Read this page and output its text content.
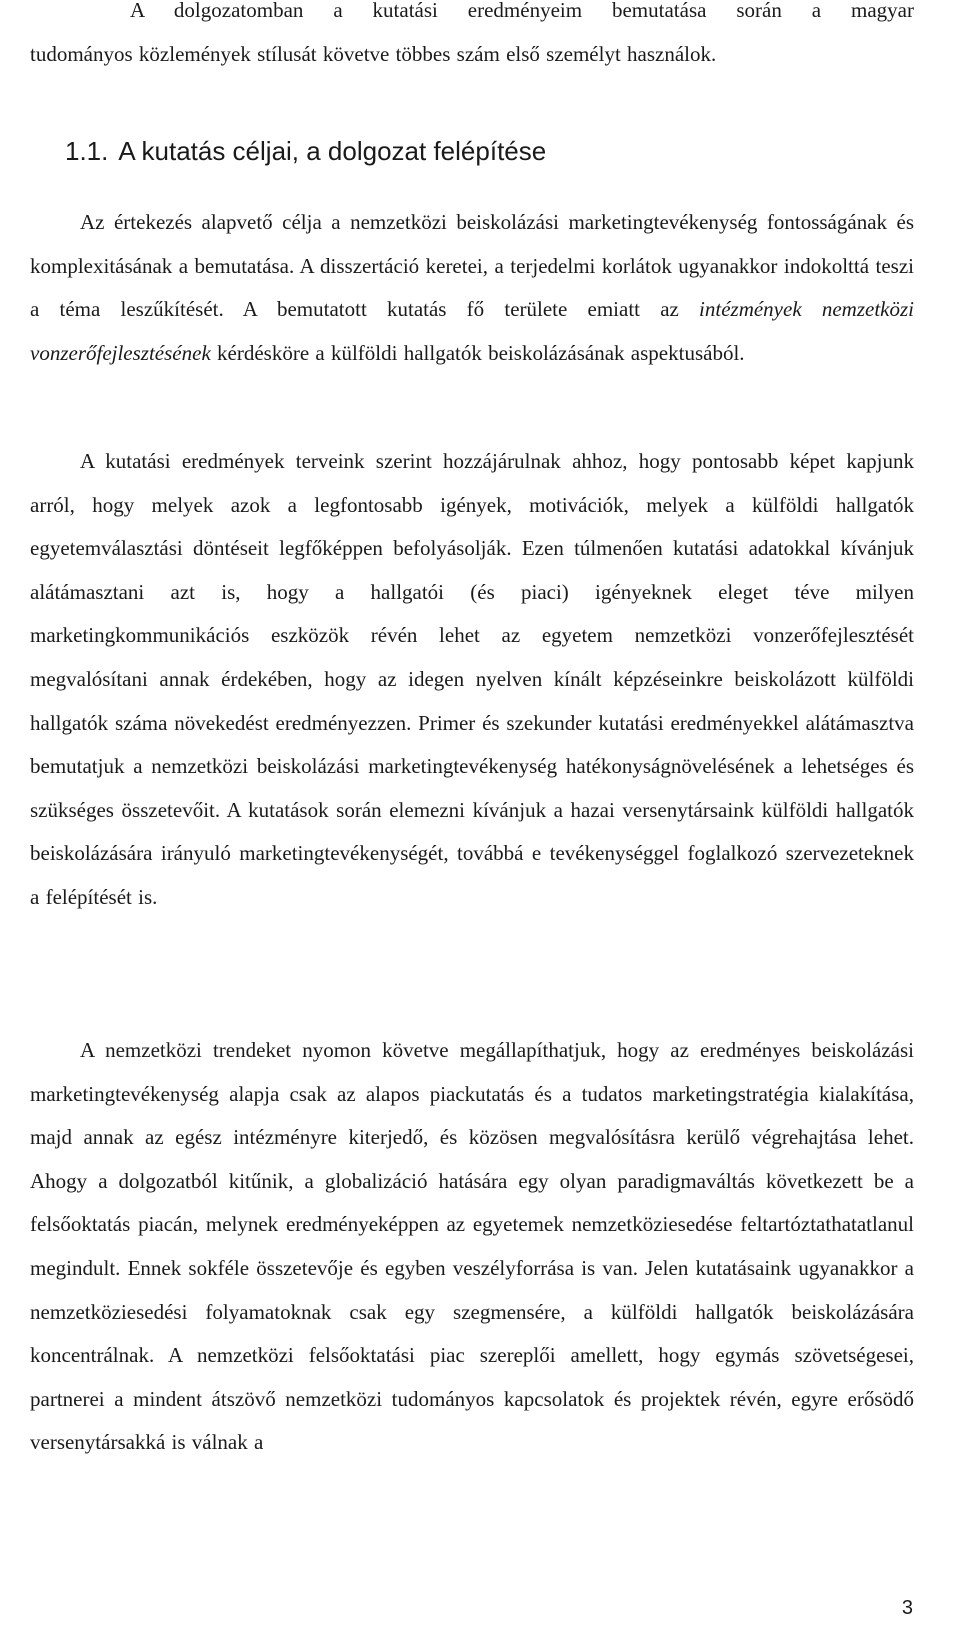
A dolgozatomban a kutatási eredményeim bemutatása során a magyar
tudományos közlemények stílusát követve többes szám első személyt használok.

1.1. A kutatás céljai, a dolgozat felépítése

Az értekezés alapvető célja a nemzetközi beiskolázási marketingtevékenység fontosságának és komplexitásának a bemutatása. A disszertáció keretei, a terjedelmi korlátok ugyanakkor indokolttá teszi a téma leszűkítését. A bemutatott kutatás fő területe emiatt az intézmények nemzetközi vonzerőfejlesztésének kérdésköre a külföldi hallgatók beiskolázásának aspektusából.

A kutatási eredmények terveink szerint hozzájárulnak ahhoz, hogy pontosabb képet kapjunk arról, hogy melyek azok a legfontosabb igények, motivációk, melyek a külföldi hallgatók egyetemválasztási döntéseit legfőképpen befolyásolják. Ezen túlmenően kutatási adatokkal kívánjuk alátámasztani azt is, hogy a hallgatói (és piaci) igényeknek eleget téve milyen marketingkommunikációs eszközök révén lehet az egyetem nemzetközi vonzerőfejlesztését megvalósítani annak érdekében, hogy az idegen nyelven kínált képzéseinkre beiskolázott külföldi hallgatók száma növekedést eredményezzen. Primer és szekunder kutatási eredményekkel alátámasztva bemutatjuk a nemzetközi beiskolázási marketingtevékenység hatékonyságnövelésének a lehetséges és szükséges összetevőit. A kutatások során elemezni kívánjuk a hazai versenytársaink külföldi hallgatók beiskolázására irányuló marketingtevékenységét, továbbá e tevékenységgel foglalkozó szervezeteknek a felépítését is.

A nemzetközi trendeket nyomon követve megállapíthatjuk, hogy az eredményes beiskolázási marketingtevékenység alapja csak az alapos piackutatás és a tudatos marketingstratégia kialakítása, majd annak az egész intézményre kiterjedő, és közösen megvalósításra kerülő végrehajtása lehet. Ahogy a dolgozatból kitűnik, a globalizáció hatására egy olyan paradigmaváltás következett be a felsőoktatás piacán, melynek eredményeképpen az egyetemek nemzetköziesedése feltartóztathatatlanul megindult. Ennek sokféle összetevője és egyben veszélyforrása is van. Jelen kutatásaink ugyanakkor a nemzetköziesedési folyamatoknak csak egy szegmensére, a külföldi hallgatók beiskolázására koncentrálnak. A nemzetközi felsőoktatási piac szereplői amellett, hogy egymás szövetségesei, partnerei a mindent átszövő nemzetközi tudományos kapcsolatok és projektek révén, egyre erősödő versenytársakká is válnak a

3
